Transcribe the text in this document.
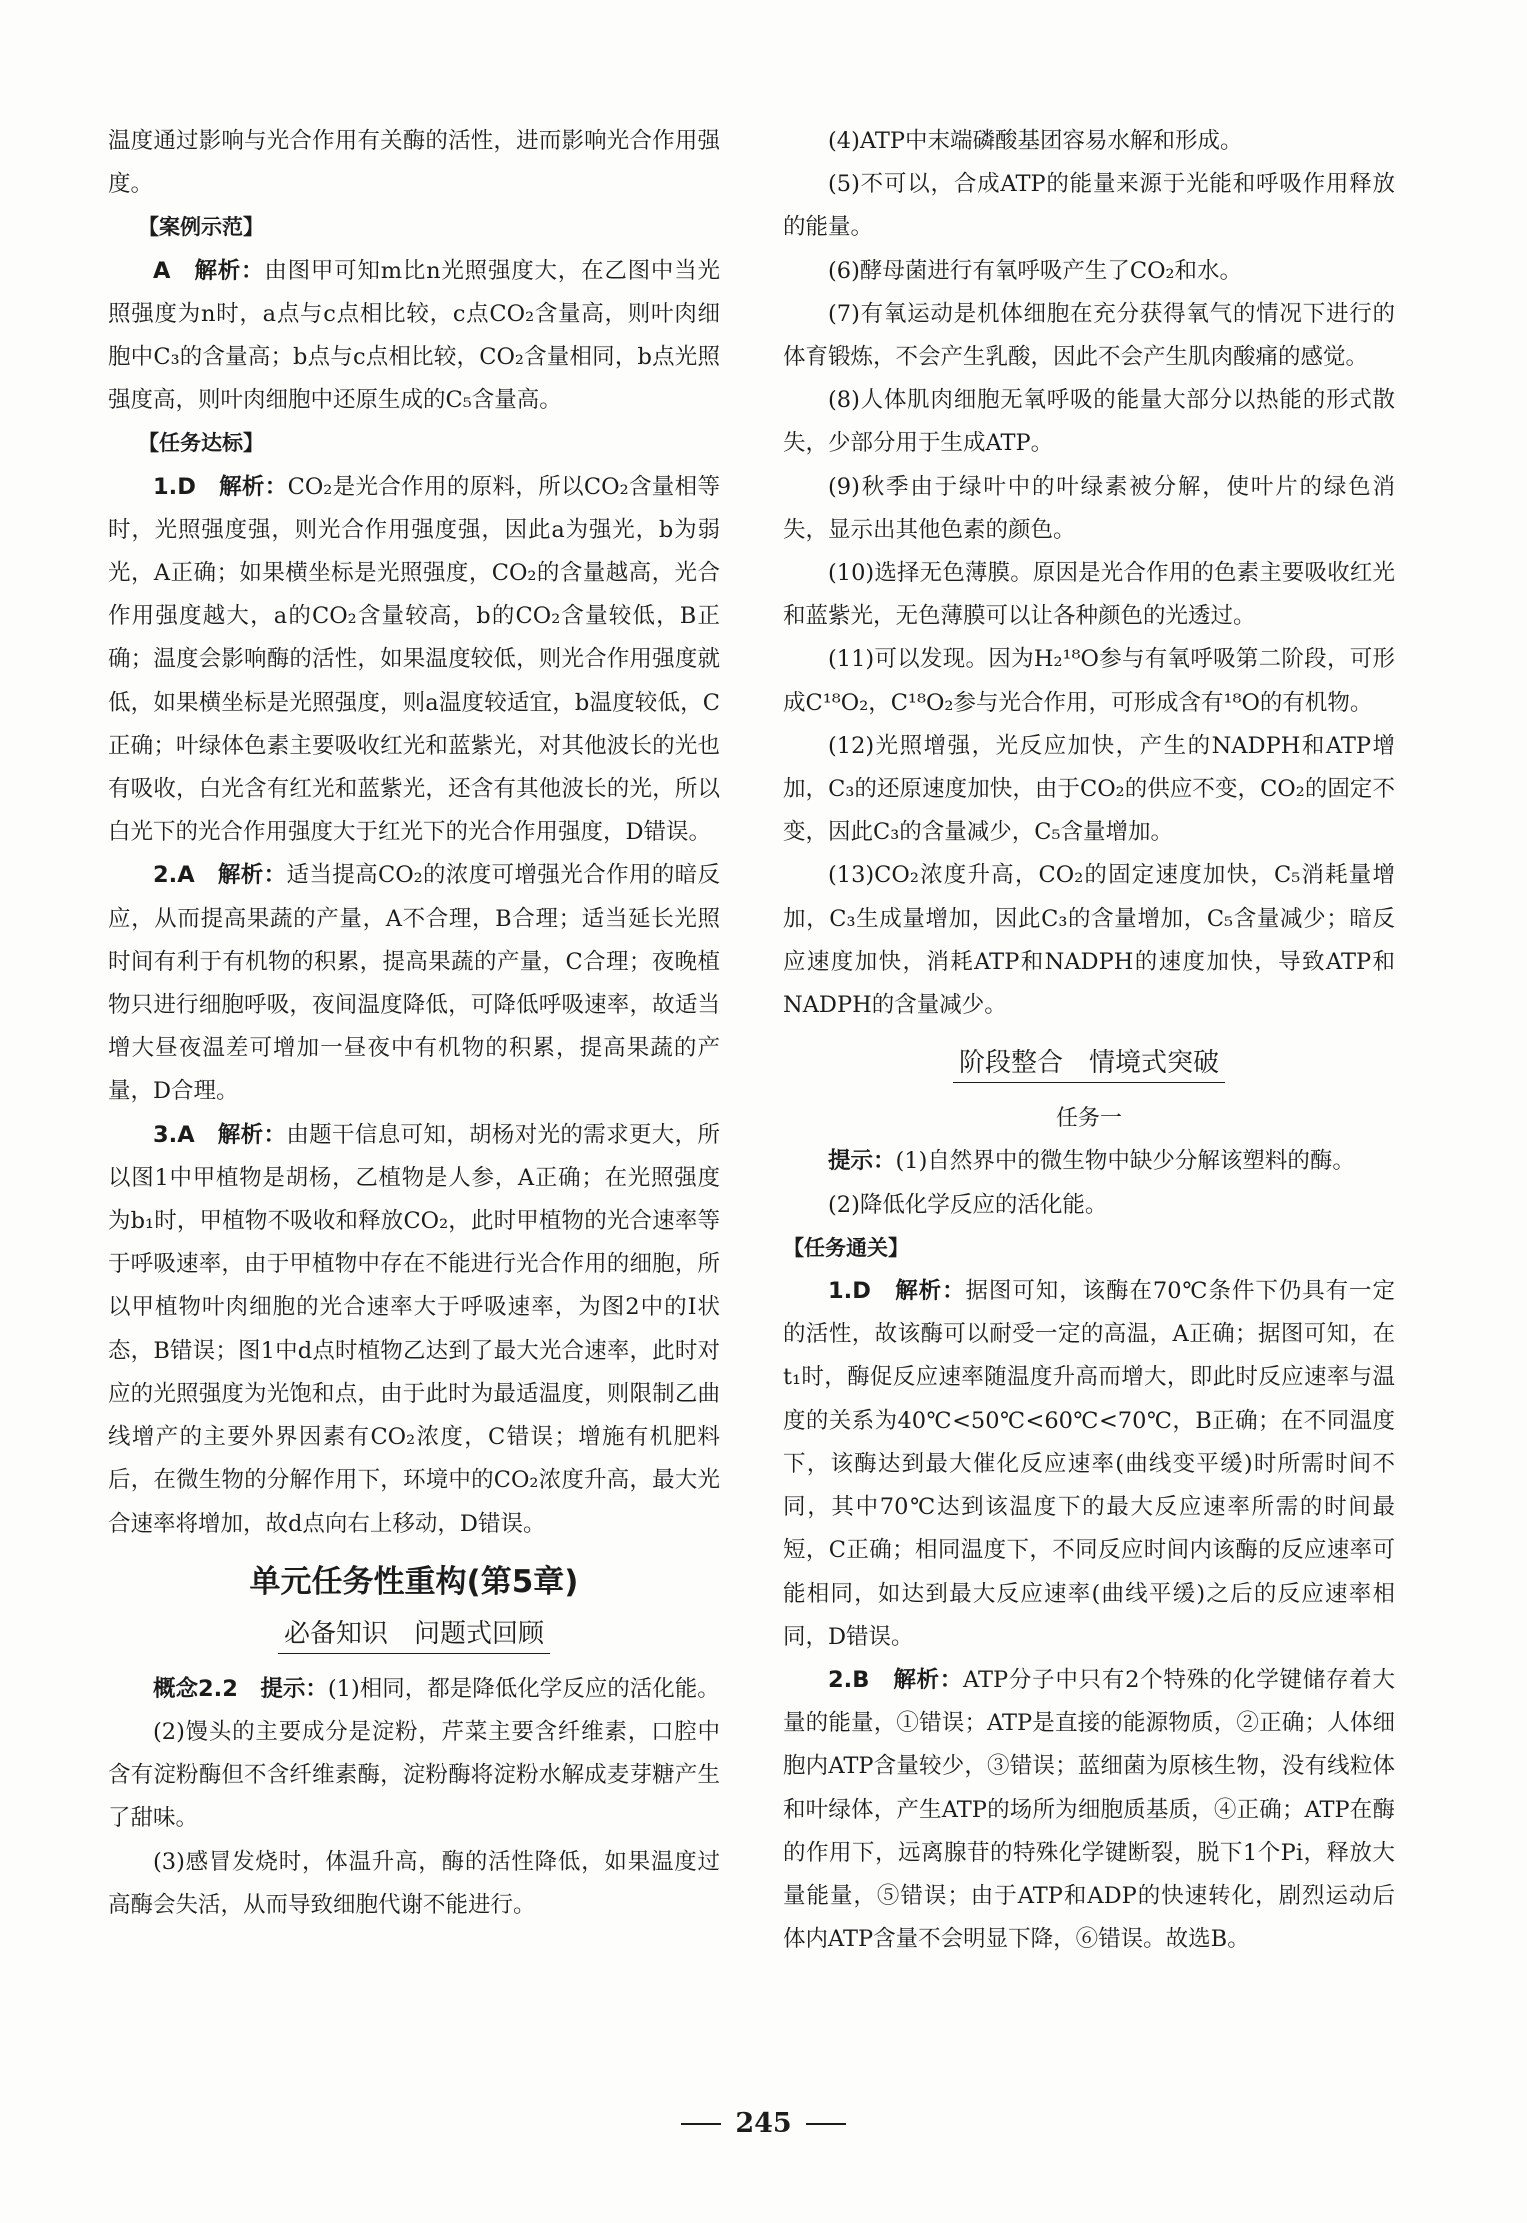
温度通过影响与光合作用有关酶的活性，进而影响光合作用强度。

【案例示范】

A　解析：由图甲可知m比n光照强度大，在乙图中当光照强度为n时，a点与c点相比较，c点CO₂含量高，则叶肉细胞中C₃的含量高；b点与c点相比较，CO₂含量相同，b点光照强度高，则叶肉细胞中还原生成的C₅含量高。

【任务达标】

1.D　解析：CO₂是光合作用的原料，所以CO₂含量相等时，光照强度强，则光合作用强度强，因此a为强光，b为弱光，A正确；如果横坐标是光照强度，CO₂的含量越高，光合作用强度越大，a的CO₂含量较高，b的CO₂含量较低，B正确；温度会影响酶的活性，如果温度较低，则光合作用强度就低，如果横坐标是光照强度，则a温度较适宜，b温度较低，C正确；叶绿体色素主要吸收红光和蓝紫光，对其他波长的光也有吸收，白光含有红光和蓝紫光，还含有其他波长的光，所以白光下的光合作用强度大于红光下的光合作用强度，D错误。

2.A　解析：适当提高CO₂的浓度可增强光合作用的暗反应，从而提高果蔬的产量，A不合理，B合理；适当延长光照时间有利于有机物的积累，提高果蔬的产量，C合理；夜晚植物只进行细胞呼吸，夜间温度降低，可降低呼吸速率，故适当增大昼夜温差可增加一昼夜中有机物的积累，提高果蔬的产量，D合理。

3.A　解析：由题干信息可知，胡杨对光的需求更大，所以图1中甲植物是胡杨，乙植物是人参，A正确；在光照强度为b₁时，甲植物不吸收和释放CO₂，此时甲植物的光合速率等于呼吸速率，由于甲植物中存在不能进行光合作用的细胞，所以甲植物叶肉细胞的光合速率大于呼吸速率，为图2中的Ⅰ状态，B错误；图1中d点时植物乙达到了最大光合速率，此时对应的光照强度为光饱和点，由于此时为最适温度，则限制乙曲线增产的主要外界因素有CO₂浓度，C错误；增施有机肥料后，在微生物的分解作用下，环境中的CO₂浓度升高，最大光合速率将增加，故d点向右上移动，D错误。

单元任务性重构(第5章)
必备知识　问题式回顾

概念2.2　提示：(1)相同，都是降低化学反应的活化能。

(2)馒头的主要成分是淀粉，芹菜主要含纤维素，口腔中含有淀粉酶但不含纤维素酶，淀粉酶将淀粉水解成麦芽糖产生了甜味。

(3)感冒发烧时，体温升高，酶的活性降低，如果温度过高酶会失活，从而导致细胞代谢不能进行。

(4)ATP中末端磷酸基团容易水解和形成。

(5)不可以，合成ATP的能量来源于光能和呼吸作用释放的能量。

(6)酵母菌进行有氧呼吸产生了CO₂和水。

(7)有氧运动是机体细胞在充分获得氧气的情况下进行的体育锻炼，不会产生乳酸，因此不会产生肌肉酸痛的感觉。

(8)人体肌肉细胞无氧呼吸的能量大部分以热能的形式散失，少部分用于生成ATP。

(9)秋季由于绿叶中的叶绿素被分解，使叶片的绿色消失，显示出其他色素的颜色。

(10)选择无色薄膜。原因是光合作用的色素主要吸收红光和蓝紫光，无色薄膜可以让各种颜色的光透过。

(11)可以发现。因为H₂¹⁸O参与有氧呼吸第二阶段，可形成C¹⁸O₂，C¹⁸O₂参与光合作用，可形成含有¹⁸O的有机物。

(12)光照增强，光反应加快，产生的NADPH和ATP增加，C₃的还原速度加快，由于CO₂的供应不变，CO₂的固定不变，因此C₃的含量减少，C₅含量增加。

(13)CO₂浓度升高，CO₂的固定速度加快，C₅消耗量增加，C₃生成量增加，因此C₃的含量增加，C₅含量减少；暗反应速度加快，消耗ATP和NADPH的速度加快，导致ATP和NADPH的含量减少。

阶段整合　情境式突破
任务一

提示：(1)自然界中的微生物中缺少分解该塑料的酶。

(2)降低化学反应的活化能。

【任务通关】

1.D　解析：据图可知，该酶在70℃条件下仍具有一定的活性，故该酶可以耐受一定的高温，A正确；据图可知，在t₁时，酶促反应速率随温度升高而增大，即此时反应速率与温度的关系为40℃<50℃<60℃<70℃，B正确；在不同温度下，该酶达到最大催化反应速率(曲线变平缓)时所需时间不同，其中70℃达到该温度下的最大反应速率所需的时间最短，C正确；相同温度下，不同反应时间内该酶的反应速率可能相同，如达到最大反应速率(曲线平缓)之后的反应速率相同，D错误。

2.B　解析：ATP分子中只有2个特殊的化学键储存着大量的能量，①错误；ATP是直接的能源物质，②正确；人体细胞内ATP含量较少，③错误；蓝细菌为原核生物，没有线粒体和叶绿体，产生ATP的场所为细胞质基质，④正确；ATP在酶的作用下，远离腺苷的特殊化学键断裂，脱下1个Pi，释放大量能量，⑤错误；由于ATP和ADP的快速转化，剧烈运动后体内ATP含量不会明显下降，⑥错误。故选B。

245
